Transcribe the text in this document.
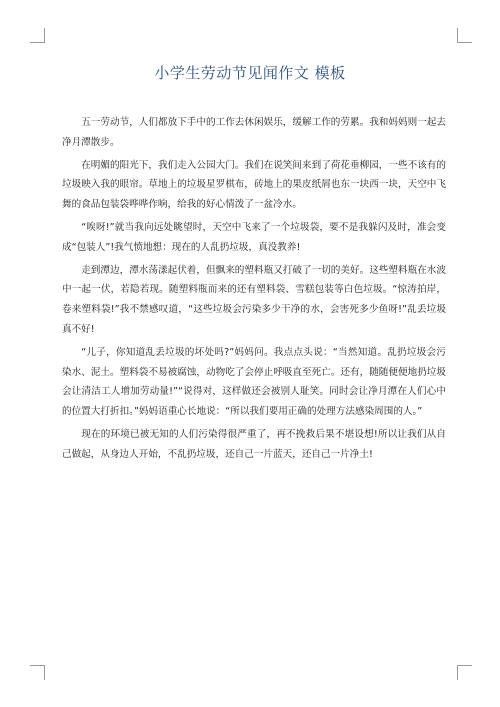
小学生劳动节见闻作文 模板

五一劳动节，人们都放下手中的工作去休闲娱乐，缓解工作的劳累。我和妈妈则一起去净月潭散步。

在明媚的阳光下，我们走入公园大门。我们在说笑间来到了荷花垂柳园，一些不该有的垃圾映入我的眼帘。草地上的垃圾星罗棋布，砖地上的果皮纸屑也东一块西一块，天空中飞舞的食品包装袋哗哗作响，给我的好心情泼了一盆冷水。

“唉呀!”就当我向远处眺望时，天空中飞来了一个垃圾袋，要不是我躲闪及时，准会变成“包装人”!我气愤地想：现在的人乱扔垃圾，真没教养!

走到潭边，潭水荡漾起伏着，但飘来的塑料瓶又打破了一切的美好。这些塑料瓶在水波中一起一伏，若隐若现。随塑料瓶而来的还有塑料袋、雪糕包装等白色垃圾。“惊涛拍岸，卷来塑料袋!”我不禁感叹道，“这些垃圾会污染多少干净的水，会害死多少鱼呀!”乱丢垃圾真不好!

“儿子，你知道乱丢垃圾的坏处吗?”妈妈问。我点点头说：“当然知道。乱扔垃圾会污染水、泥土。塑料袋不易被腐蚀，动物吃了会停止呼吸直至死亡。还有，随随便便地扔垃圾会让清洁工人增加劳动量!”“说得对，这样做还会被别人耻笑。同时会让净月潭在人们心中的位置大打折扣。”妈妈语重心长地说：“所以我们要用正确的处理方法感染周围的人。”

现在的环境已被无知的人们污染得很严重了，再不挽救后果不堪设想!所以让我们从自己做起，从身边人开始，不乱扔垃圾，还自己一片蓝天，还自己一片净土!
